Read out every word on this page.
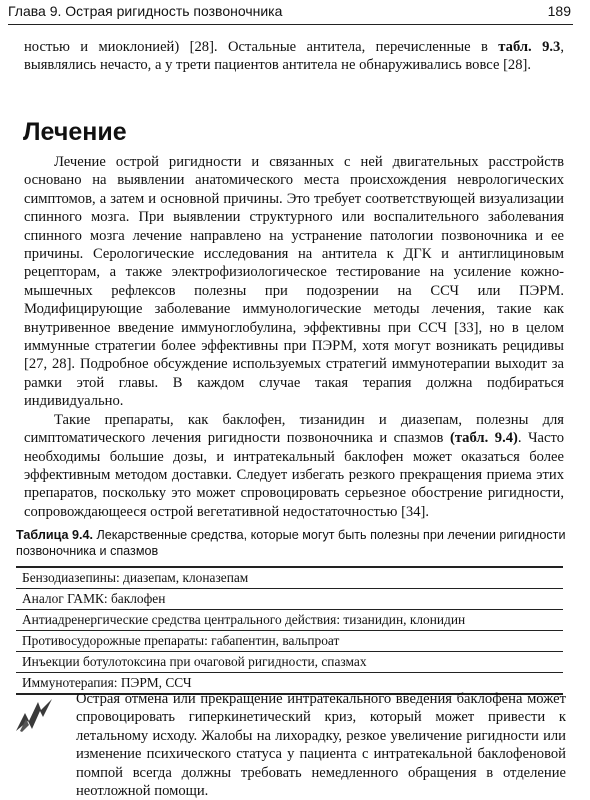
Глава 9. Острая ригидность позвоночника	189

ностью и миоклонией) [28]. Остальные антитела, перечисленные в табл. 9.3, выявлялись нечасто, а у трети пациентов антитела не обнаруживались вовсе [28].

Лечение

Лечение острой ригидности и связанных с ней двигательных расстройств основано на выявлении анатомического места происхождения неврологических симптомов, а затем и основной причины. Это требует соответствующей визуализации спинного мозга. При выявлении структурного или воспалительного заболевания спинного мозга лечение направлено на устранение патологии позвоночника и ее причины. Серологические исследования на антитела к ДГК и антиглициновым рецепторам, а также электрофизиологическое тестирование на усиление кожно-мышечных рефлексов полезны при подозрении на ССЧ или ПЭРМ. Модифицирующие заболевание иммунологические методы лечения, такие как внутривенное введение иммуноглобулина, эффективны при ССЧ [33], но в целом иммунные стратегии более эффективны при ПЭРМ, хотя могут возникать рецидивы [27, 28]. Подробное обсуждение используемых стратегий иммунотерапии выходит за рамки этой главы. В каждом случае такая терапия должна подбираться индивидуально.

Такие препараты, как баклофен, тизанидин и диазепам, полезны для симптоматического лечения ригидности позвоночника и спазмов (табл. 9.4). Часто необходимы большие дозы, и интратекальный баклофен может оказаться более эффективным методом доставки. Следует избегать резкого прекращения приема этих препаратов, поскольку это может спровоцировать серьезное обострение ригидности, сопровождающееся острой вегетативной недостаточностью [34].

Таблица 9.4. Лекарственные средства, которые могут быть полезны при лечении ригидности позвоночника и спазмов
Бензодиазепины: диазепам, клоназепам
Аналог ГАМК: баклофен
Антиадренергические средства центрального действия: тизанидин, клонидин
Противосудорожные препараты: габапентин, вальпроат
Инъекции ботулотоксина при очаговой ригидности, спазмах
Иммунотерапия: ПЭРМ, ССЧ
Острая отмена или прекращение интратекального введения баклофена может спровоцировать гиперкинетический криз, который может привести к летальному исходу. Жалобы на лихорадку, резкое увеличение ригидности или изменение психического статуса у пациента с интратекальной баклофеновой помпой всегда должны требовать немедленного обращения в отделение неотложной помощи.
